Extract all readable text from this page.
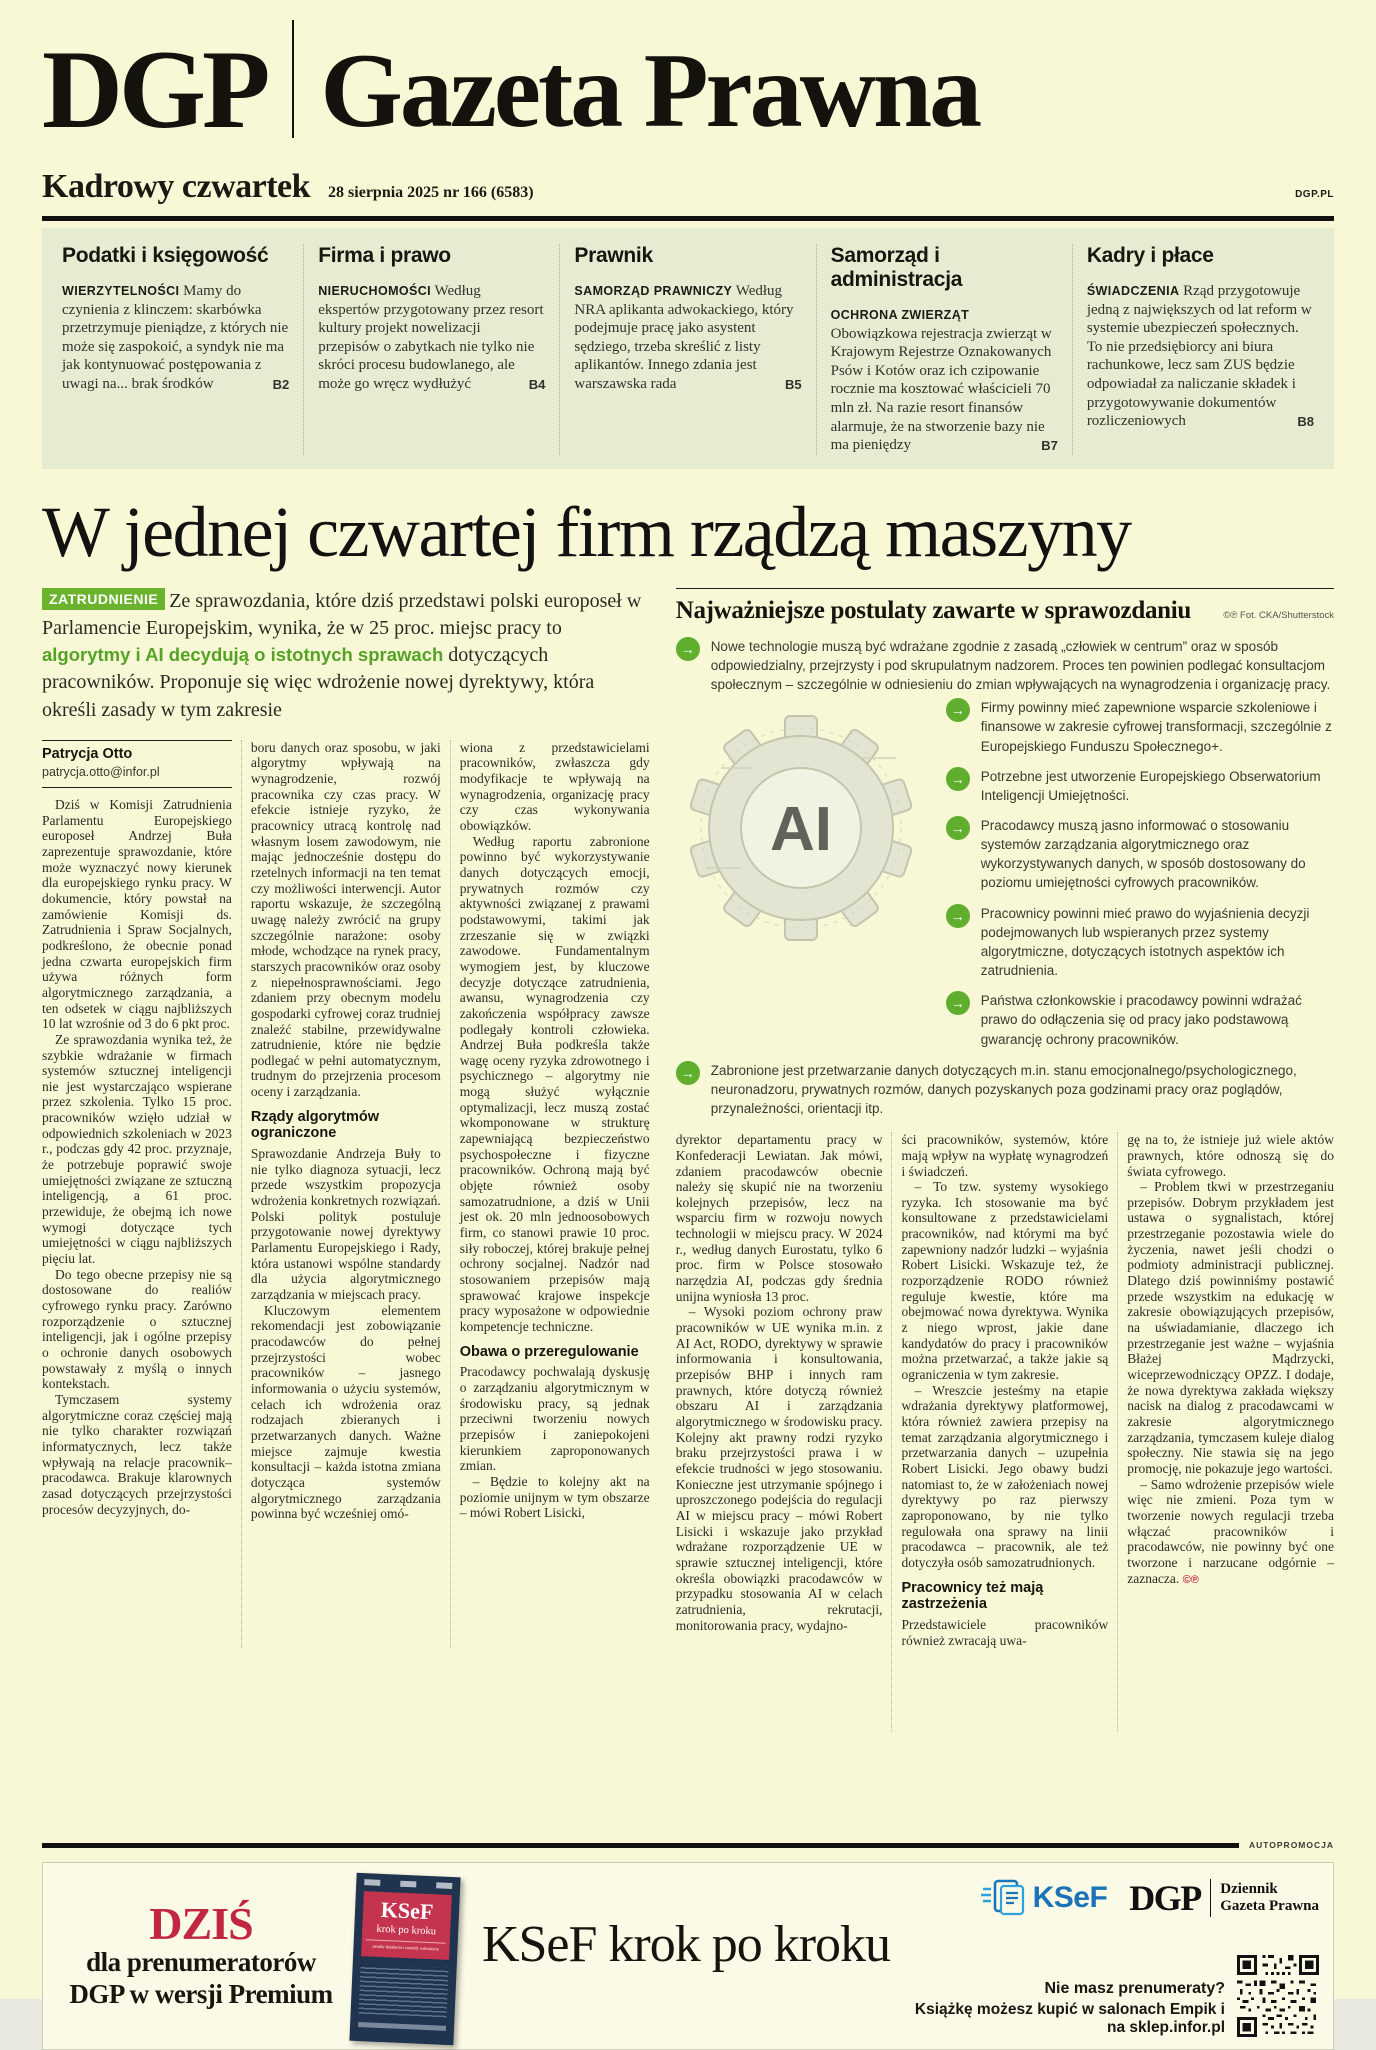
DGP Gazeta Prawna
Kadrowy czwartek 28 sierpnia 2025 nr 166 (6583)	DGP.PL
Podatki i księgowość

WIERZYTELNOŚCI Mamy do czynienia z klinczem: skarbówka przetrzymuje pieniądze, z których nie może się zaspokoić, a syndyk nie ma jak kontynuować postępowania z uwagi na... brak środków	B2

Firma i prawo

NIERUCHOMOŚCI Według ekspertów przygotowany przez resort kultury projekt nowelizacji przepisów o zabytkach nie tylko nie skróci procesu budowlanego, ale może go wręcz wydłużyć	B4

Prawnik

SAMORZĄD PRAWNICZY Według NRA aplikanta adwokackiego, który podejmuje pracę jako asystent sędziego, trzeba skreślić z listy aplikantów. Innego zdania jest warszawska rada	B5

Samorząd i administracja

OCHRONA ZWIERZĄT Obowiązkowa rejestracja zwierząt w Krajowym Rejestrze Oznakowanych Psów i Kotów oraz ich czipowanie rocznie ma kosztować właścicieli 70 mln zł. Na razie resort finansów alarmuje, że na stworzenie bazy nie ma pieniędzy	B7

Kadry i płace

ŚWIADCZENIA Rząd przygotowuje jedną z największych od lat reform w systemie ubezpieczeń społecznych. To nie przedsiębiorcy ani biura rachunkowe, lecz sam ZUS będzie odpowiadał za naliczanie składek i przygotowywanie dokumentów rozliczeniowych	B8

W jednej czwartej firm rządzą maszyny

ZATRUDNIENIE Ze sprawozdania, które dziś przedstawi polski europoseł w Parlamencie Europejskim, wynika, że w 25 proc. miejsc pracy to algorytmy i AI decydują o istotnych sprawach dotyczących pracowników. Proponuje się więc wdrożenie nowej dyrektywy, która określi zasady w tym zakresie

Patrycja Otto
patrycja.otto@infor.pl

Dziś w Komisji Zatrudnienia Parlamentu Europejskiego europoseł Andrzej Buła zaprezentuje sprawozdanie, które może wyznaczyć nowy kierunek dla europejskiego rynku pracy. W dokumencie, który powstał na zamówienie Komisji ds. Zatrudnienia i Spraw Socjalnych, podkreślono, że obecnie ponad jedna czwarta europejskich firm używa różnych form algorytmicznego zarządzania, a ten odsetek w ciągu najbliższych 10 lat wzrośnie od 3 do 6 pkt proc.

Ze sprawozdania wynika też, że szybkie wdrażanie w firmach systemów sztucznej inteligencji nie jest wystarczająco wspierane przez szkolenia. Tylko 15 proc. pracowników wzięło udział w odpowiednich szkoleniach w 2023 r., podczas gdy 42 proc. przyznaje, że potrzebuje poprawić swoje umiejętności związane ze sztuczną inteligencją, a 61 proc. przewiduje, że obejmą ich nowe wymogi dotyczące tych umiejętności w ciągu najbliższych pięciu lat.

Do tego obecne przepisy nie są dostosowane do realiów cyfrowego rynku pracy. Zarówno rozporządzenie o sztucznej inteligencji, jak i ogólne przepisy o ochronie danych osobowych powstawały z myślą o innych kontekstach.

Tymczasem systemy algorytmiczne coraz częściej mają nie tylko charakter rozwiązań informatycznych, lecz także wpływają na relacje pracownik–pracodawca. Brakuje klarownych zasad dotyczących przejrzystości procesów decyzyjnych, do-

boru danych oraz sposobu, w jaki algorytmy wpływają na wynagrodzenie, rozwój pracownika czy czas pracy. W efekcie istnieje ryzyko, że pracownicy utracą kontrolę nad własnym losem zawodowym, nie mając jednocześnie dostępu do rzetelnych informacji na ten temat czy możliwości interwencji. Autor raportu wskazuje, że szczególną uwagę należy zwrócić na grupy szczególnie narażone: osoby młode, wchodzące na rynek pracy, starszych pracowników oraz osoby z niepełnosprawnościami. Jego zdaniem przy obecnym modelu gospodarki cyfrowej coraz trudniej znaleźć stabilne, przewidywalne zatrudnienie, które nie będzie podlegać w pełni automatycznym, trudnym do przejrzenia procesom oceny i zarządzania.

Rządy algorytmów ograniczone

Sprawozdanie Andrzeja Buły to nie tylko diagnoza sytuacji, lecz przede wszystkim propozycja wdrożenia konkretnych rozwiązań. Polski polityk postuluje przygotowanie nowej dyrektywy Parlamentu Europejskiego i Rady, która ustanowi wspólne standardy dla użycia algorytmicznego zarządzania w miejscach pracy.

Kluczowym elementem rekomendacji jest zobowiązanie pracodawców do pełnej przejrzystości wobec pracowników – jasnego informowania o użyciu systemów, celach ich wdrożenia oraz rodzajach zbieranych i przetwarzanych danych. Ważne miejsce zajmuje kwestia konsultacji – każda istotna zmiana dotycząca systemów algorytmicznego zarządzania powinna być wcześniej omó-

wiona z przedstawicielami pracowników, zwłaszcza gdy modyfikacje te wpływają na wynagrodzenia, organizację pracy czy czas wykonywania obowiązków.

Według raportu zabronione powinno być wykorzystywanie danych dotyczących emocji, prywatnych rozmów czy aktywności związanej z prawami podstawowymi, takimi jak zrzeszanie się w związki zawodowe. Fundamentalnym wymogiem jest, by kluczowe decyzje dotyczące zatrudnienia, awansu, wynagrodzenia czy zakończenia współpracy zawsze podlegały kontroli człowieka. Andrzej Buła podkreśla także wagę oceny ryzyka zdrowotnego i psychicznego – algorytmy nie mogą służyć wyłącznie optymalizacji, lecz muszą zostać wkomponowane w strukturę zapewniającą bezpieczeństwo psychospołeczne i fizyczne pracowników. Ochroną mają być objęte również osoby samozatrudnione, a dziś w Unii jest ok. 20 mln jednoosobowych firm, co stanowi prawie 10 proc. siły roboczej, której brakuje pełnej ochrony socjalnej. Nadzór nad stosowaniem przepisów mają sprawować krajowe inspekcje pracy wyposażone w odpowiednie kompetencje techniczne.

Obawa o przeregulowanie

Pracodawcy pochwalają dyskusję o zarządzaniu algorytmicznym w środowisku pracy, są jednak przeciwni tworzeniu nowych przepisów i zaniepokojeni kierunkiem zaproponowanych zmian.

– Będzie to kolejny akt na poziomie unijnym w tym obszarze – mówi Robert Lisicki,

Najważniejsze postulaty zawarte w sprawozdaniu	©℗ Fot. CKA/Shutterstock
→	Nowe technologie muszą być wdrażane zgodnie z zasadą „człowiek w centrum” oraz w sposób odpowiedzialny, przejrzysty i pod skrupulatnym nadzorem. Proces ten powinien podlegać konsultacjom społecznym – szczególnie w odniesieniu do zmian wpływających na wynagrodzenia i organizację pracy.
AI
→	Firmy powinny mieć zapewnione wsparcie szkoleniowe i finansowe w zakresie cyfrowej transformacji, szczególnie z Europejskiego Funduszu Społecznego+.
→	Potrzebne jest utworzenie Europejskiego Obserwatorium Inteligencji Umiejętności.
→	Pracodawcy muszą jasno informować o stosowaniu systemów zarządzania algorytmicznego oraz wykorzystywanych danych, w sposób dostosowany do poziomu umiejętności cyfrowych pracowników.
→	Pracownicy powinni mieć prawo do wyjaśnienia decyzji podejmowanych lub wspieranych przez systemy algorytmiczne, dotyczących istotnych aspektów ich zatrudnienia.
→	Państwa członkowskie i pracodawcy powinni wdrażać prawo do odłączenia się od pracy jako podstawową gwarancję ochrony pracowników.
→	Zabronione jest przetwarzanie danych dotyczących m.in. stanu emocjonalnego/psychologicznego, neuronadzoru, prywatnych rozmów, danych pozyskanych poza godzinami pracy oraz poglądów, przynależności, orientacji itp.

dyrektor departamentu pracy w Konfederacji Lewiatan. Jak mówi, zdaniem pracodawców obecnie należy się skupić nie na tworzeniu kolejnych przepisów, lecz na wsparciu firm w rozwoju nowych technologii w miejscu pracy. W 2024 r., według danych Eurostatu, tylko 6 proc. firm w Polsce stosowało narzędzia AI, podczas gdy średnia unijna wyniosła 13 proc.

– Wysoki poziom ochrony praw pracowników w UE wynika m.in. z AI Act, RODO, dyrektywy w sprawie informowania i konsultowania, przepisów BHP i innych ram prawnych, które dotyczą również obszaru AI i zarządzania algorytmicznego w środowisku pracy. Kolejny akt prawny rodzi ryzyko braku przejrzystości prawa i w efekcie trudności w jego stosowaniu. Konieczne jest utrzymanie spójnego i uproszczonego podejścia do regulacji AI w miejscu pracy – mówi Robert Lisicki i wskazuje jako przykład wdrażane rozporządzenie UE w sprawie sztucznej inteligencji, które określa obowiązki pracodawców w przypadku stosowania AI w celach zatrudnienia, rekrutacji, monitorowania pracy, wydajno-

ści pracowników, systemów, które mają wpływ na wypłatę wynagrodzeń i świadczeń.

– To tzw. systemy wysokiego ryzyka. Ich stosowanie ma być konsultowane z przedstawicielami pracowników, nad którymi ma być zapewniony nadzór ludzki – wyjaśnia Robert Lisicki. Wskazuje też, że rozporządzenie RODO również reguluje kwestie, które ma obejmować nowa dyrektywa. Wynika z niego wprost, jakie dane kandydatów do pracy i pracowników można przetwarzać, a także jakie są ograniczenia w tym zakresie.

– Wreszcie jesteśmy na etapie wdrażania dyrektywy platformowej, która również zawiera przepisy na temat zarządzania algorytmicznego i przetwarzania danych – uzupełnia Robert Lisicki. Jego obawy budzi natomiast to, że w założeniach nowej dyrektywy po raz pierwszy zaproponowano, by nie tylko regulowała ona sprawy na linii pracodawca – pracownik, ale też dotyczyła osób samozatrudnionych.

Pracownicy też mają zastrzeżenia

Przedstawiciele pracowników również zwracają uwa-

gę na to, że istnieje już wiele aktów prawnych, które odnoszą się do świata cyfrowego.

– Problem tkwi w przestrzeganiu przepisów. Dobrym przykładem jest ustawa o sygnalistach, której przestrzeganie pozostawia wiele do życzenia, nawet jeśli chodzi o podmioty administracji publicznej. Dlatego dziś powinniśmy postawić przede wszystkim na edukację w zakresie obowiązujących przepisów, na uświadamianie, dlaczego ich przestrzeganie jest ważne – wyjaśnia Błażej Mądrzycki, wiceprzewodniczący OPZZ. I dodaje, że nowa dyrektywa zakłada większy nacisk na dialog z pracodawcami w zakresie algorytmicznego zarządzania, tymczasem kuleje dialog społeczny. Nie stawia się na jego promocję, nie pokazuje jego wartości.

– Samo wdrożenie przepisów wiele więc nie zmieni. Poza tym w tworzenie nowych regulacji trzeba włączać pracowników i pracodawców, nie powinny być one tworzone i narzucane odgórnie – zaznacza. ©℗

AUTOPROMOCJA
DZIŚ
dla prenumeratorów
DGP w wersji Premium
KSeF
krok po kroku
zasady działania i metody wdrożenia KSeF krok po kroku
KSeF DGP Dziennik
Gazeta Prawna
Nie masz prenumeraty?
Książkę możesz kupić w salonach Empik i na sklep.infor.pl
